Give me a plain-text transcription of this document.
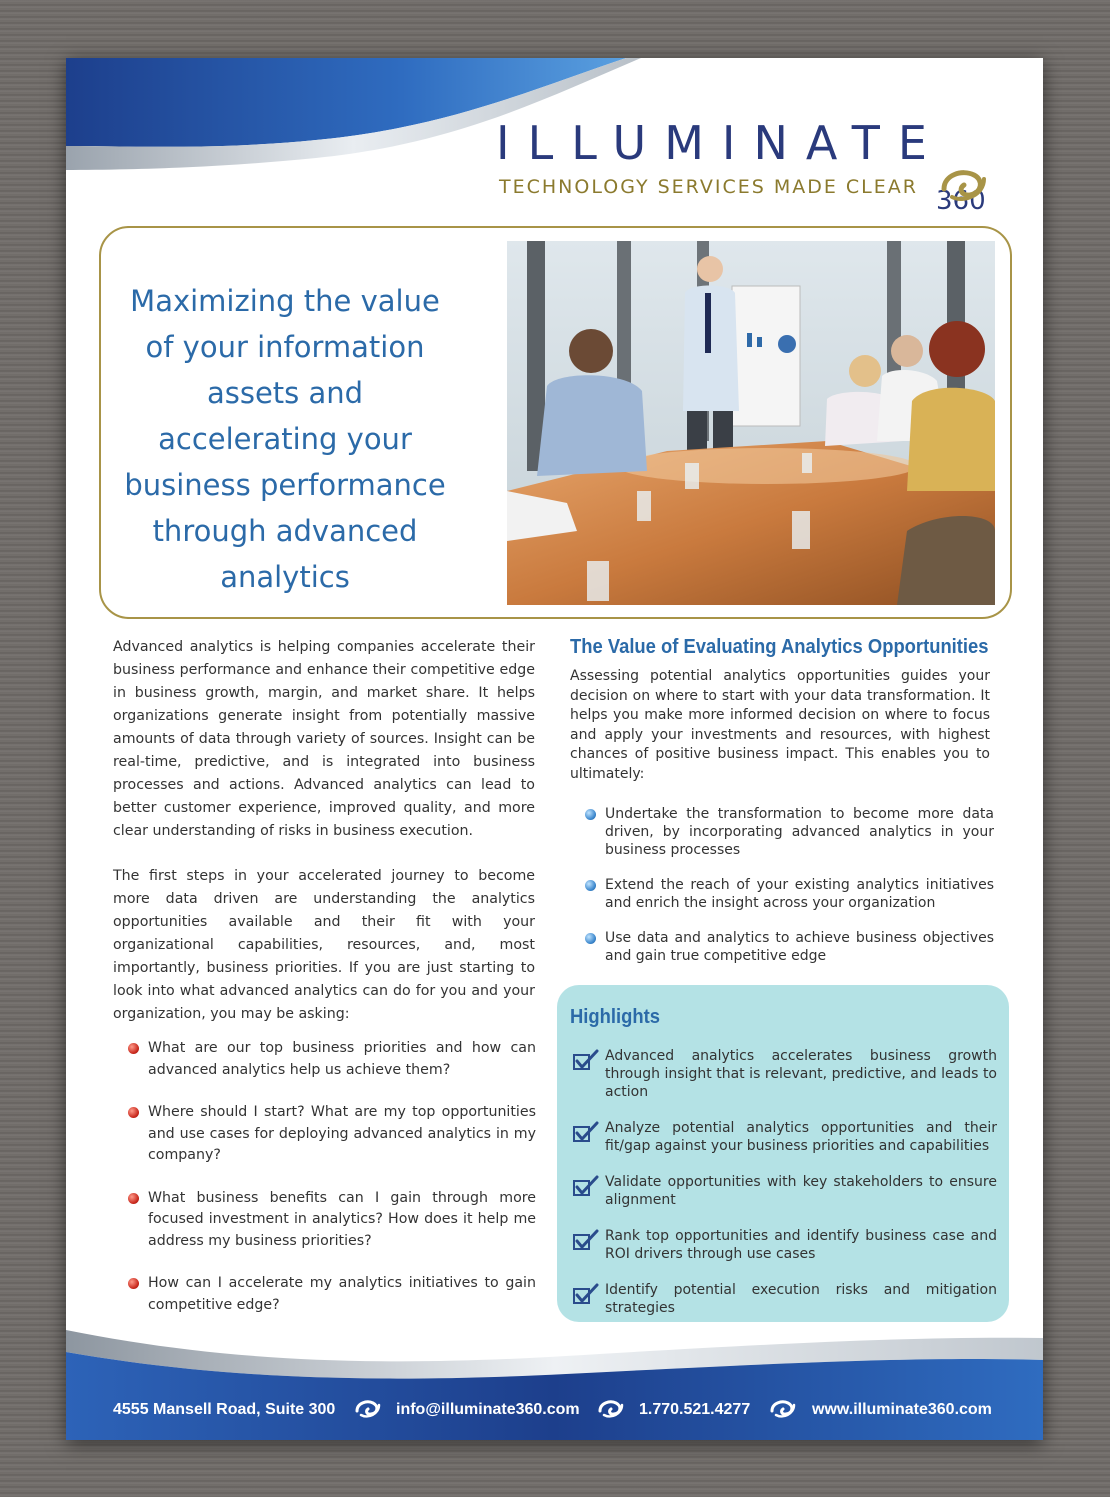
ILLUMINATE
360
TECHNOLOGY SERVICES MADE CLEAR
Maximizing the value of your information assets and accelerating your business performance through advanced analytics

Advanced analytics is helping companies accelerate their business performance and enhance their competitive edge in business growth, margin, and market share. It helps organizations generate insight from potentially massive amounts of data through variety of sources. Insight can be real-time, predictive, and is integrated into business processes and actions. Advanced analytics can lead to better customer experience, improved quality, and more clear understanding of risks in business execution.

The first steps in your accelerated journey to become more data driven are understanding the analytics opportunities available and their fit with your organizational capabilities, resources, and, most importantly, business priorities. If you are just starting to look into what advanced analytics can do for you and your organization, you may be asking:

What are our top business priorities and how can advanced analytics help us achieve them?
Where should I start? What are my top opportunities and use cases for deploying advanced analytics in my company?
What business benefits can I gain through more focused investment in analytics? How does it help me address my business priorities?
How can I accelerate my analytics initiatives to gain competitive edge?
The Value of Evaluating Analytics Opportunities

Assessing potential analytics opportunities guides your decision on where to start with your data transformation. It helps you make more informed decision on where to focus and apply your investments and resources, with highest chances of positive business impact. This enables you to ultimately:

Undertake the transformation to become more data driven, by incorporating advanced analytics in your business processes
Extend the reach of your existing analytics initiatives and enrich the insight across your organization
Use data and analytics to achieve business objectives and gain true competitive edge
Highlights
Advanced analytics accelerates business growth through insight that is relevant, predictive, and leads to action
Analyze potential analytics opportunities and their fit/gap against your business priorities and capabilities
Validate opportunities with key stakeholders to ensure alignment
Rank top opportunities and identify business case and ROI drivers through use cases
Identify potential execution risks and mitigation strategies
4555 Mansell Road, Suite 300	info@illuminate360.com	1.770.521.4277	www.illuminate360.com
